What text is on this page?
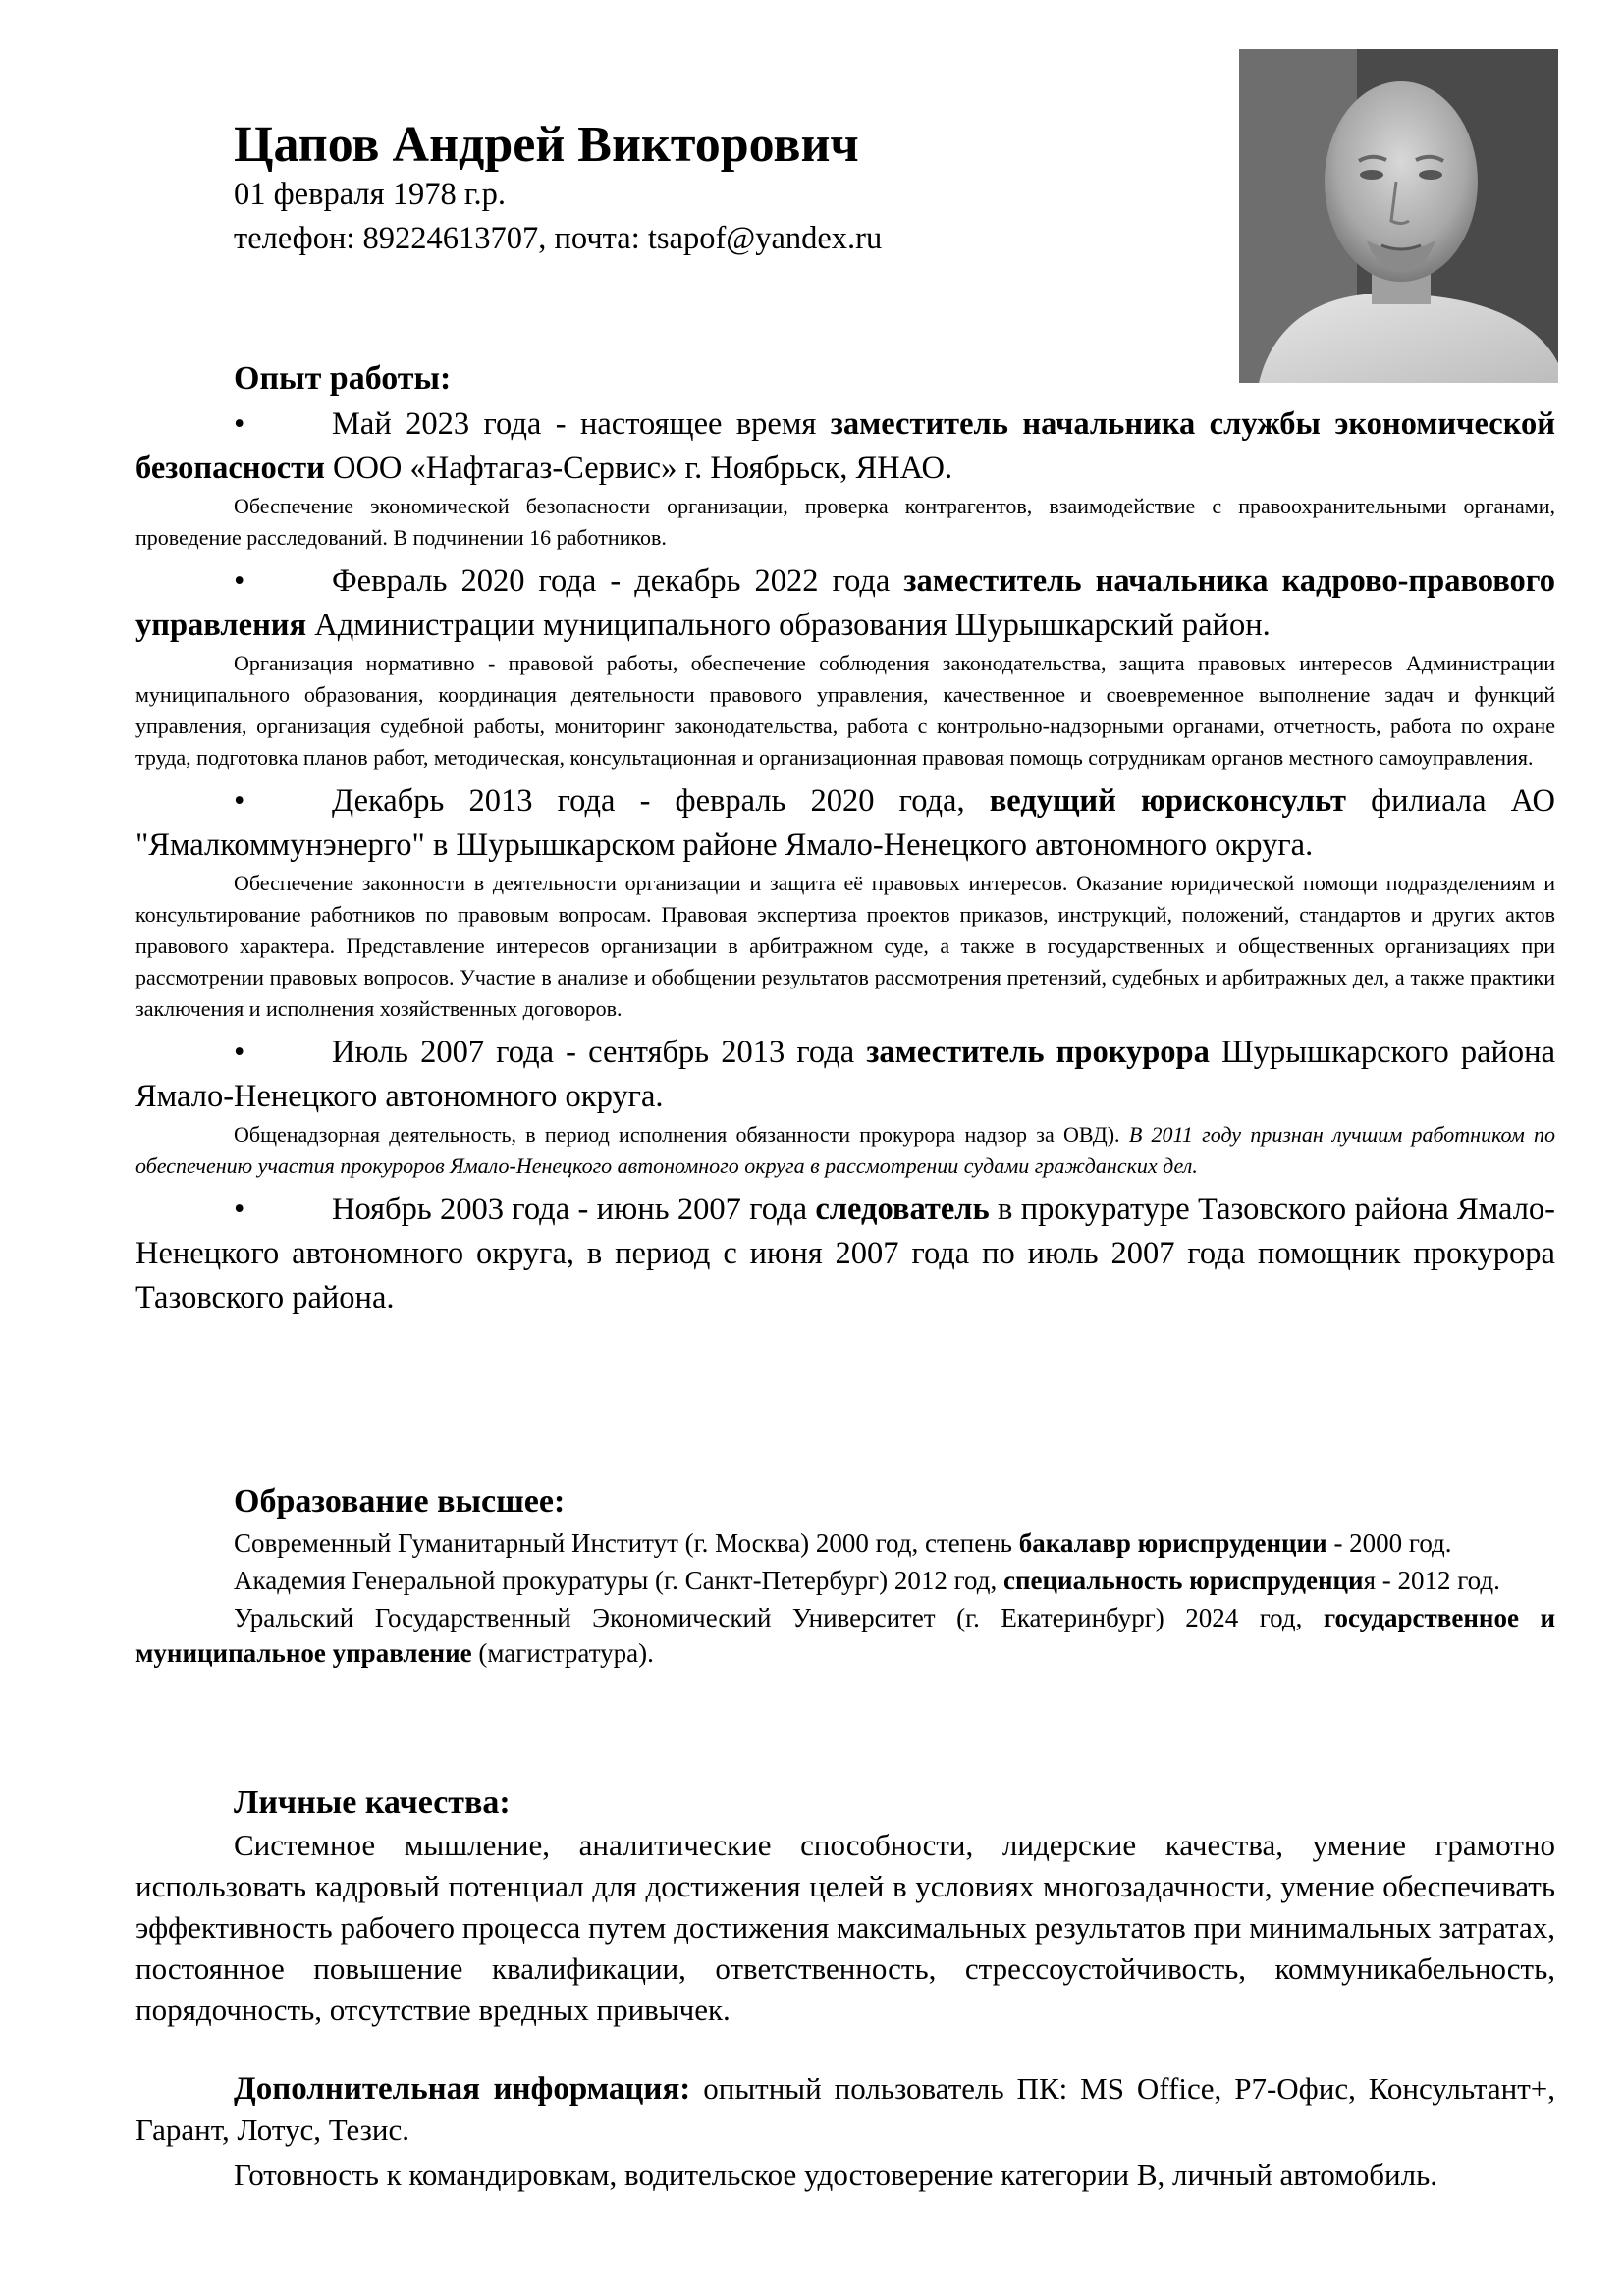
Цапов Андрей Викторович
01 февраля 1978 г.р.
телефон: 89224613707, почта: tsapof@yandex.ru
Опыт работы:
•	Май 2023 года - настоящее время заместитель начальника службы экономической безопасности ООО «Нафтагаз-Сервис» г. Ноябрьск, ЯНАО.
Обеспечение экономической безопасности организации, проверка контрагентов, взаимодействие с правоохранительными органами, проведение расследований. В подчинении 16 работников.
•	Февраль 2020 года - декабрь 2022 года заместитель начальника кадрово-правового управления Администрации муниципального образования Шурышкарский район.
Организация нормативно - правовой работы, обеспечение соблюдения законодательства, защита правовых интересов Администрации муниципального образования, координация деятельности правового управления, качественное и своевременное выполнение задач и функций управления, организация судебной работы, мониторинг законодательства, работа с контрольно-надзорными органами, отчетность, работа по охране труда, подготовка планов работ, методическая, консультационная и организационная правовая помощь сотрудникам органов местного самоуправления.
•	Декабрь 2013 года - февраль 2020 года, ведущий юрисконсульт филиала АО "Ямалкоммунэнерго" в Шурышкарском районе Ямало-Ненецкого автономного округа.
Обеспечение законности в деятельности организации и защита её правовых интересов. Оказание юридической помощи подразделениям и консультирование работников по правовым вопросам. Правовая экспертиза проектов приказов, инструкций, положений, стандартов и других актов правового характера. Представление интересов организации в арбитражном суде, а также в государственных и общественных организациях при рассмотрении правовых вопросов. Участие в анализе и обобщении результатов рассмотрения претензий, судебных и арбитражных дел, а также практики заключения и исполнения хозяйственных договоров.
•	Июль 2007 года - сентябрь 2013 года заместитель прокурора Шурышкарского района Ямало-Ненецкого автономного округа.
Общенадзорная деятельность, в период исполнения обязанности прокурора надзор за ОВД). В 2011 году признан лучшим работником по обеспечению участия прокуроров Ямало-Ненецкого автономного округа в рассмотрении судами гражданских дел.
•	Ноябрь 2003 года - июнь 2007 года следователь в прокуратуре Тазовского района Ямало-Ненецкого автономного округа, в период с июня 2007 года по июль 2007 года помощник прокурора Тазовского района.
Образование высшее:
Современный Гуманитарный Институт (г. Москва) 2000 год, степень бакалавр юриспруденции - 2000 год.
Академия Генеральной прокуратуры (г. Санкт-Петербург) 2012 год, специальность юриспруденция - 2012 год.
Уральский Государственный Экономический Университет (г. Екатеринбург) 2024 год, государственное и муниципальное управление (магистратура).
Личные качества:
Системное мышление, аналитические способности, лидерские качества, умение грамотно использовать кадровый потенциал для достижения целей в условиях многозадачности, умение обеспечивать эффективность рабочего процесса путем достижения максимальных результатов при минимальных затратах, постоянное повышение квалификации, ответственность, стрессоустойчивость, коммуникабельность, порядочность, отсутствие вредных привычек.
Дополнительная информация: опытный пользователь ПК: MS Office, Р7-Офис, Консультант+, Гарант, Лотус, Тезис.
Готовность к командировкам, водительское удостоверение категории В, личный автомобиль.
